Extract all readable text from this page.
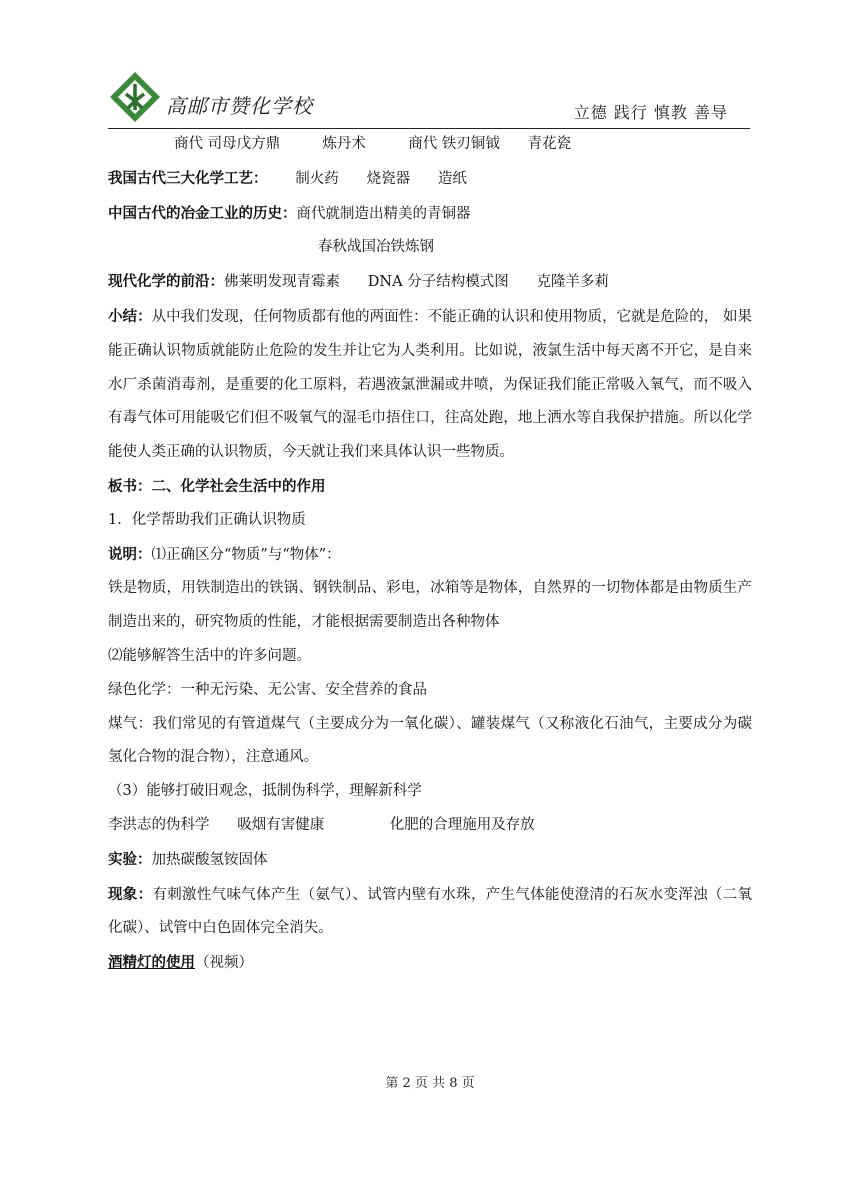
高邮市赞化学校	立德 践行 慎教 善导
商代 司母戊方鼎	炼丹术	商代 铁刃铜钺 青花瓷
我国古代三大化学工艺： 制火药 烧瓷器 造纸
中国古代的冶金工业的历史：商代就制造出精美的青铜器
春秋战国冶铁炼钢
现代化学的前沿：佛莱明发现青霉素 DNA 分子结构模式图 克隆羊多莉
小结：从中我们发现，任何物质都有他的两面性：不能正确的认识和使用物质，它就是危险的， 如果能正确认识物质就能防止危险的发生并让它为人类利用。比如说，液氯生活中每天离不开它，是自来水厂杀菌消毒剂，是重要的化工原料，若遇液氯泄漏或井喷，为保证我们能正常吸入氧气，而不吸入有毒气体可用能吸它们但不吸氧气的湿毛巾捂住口，往高处跑，地上洒水等自我保护措施。所以化学能使人类正确的认识物质，今天就让我们来具体认识一些物质。
板书：二、化学社会生活中的作用
1．化学帮助我们正确认识物质
说明：⑴正确区分“物质”与“物体”：
铁是物质，用铁制造出的铁锅、钢铁制品、彩电，冰箱等是物体，自然界的一切物体都是由物质生产制造出来的，研究物质的性能，才能根据需要制造出各种物体
⑵能够解答生活中的许多问题。
绿色化学：一种无污染、无公害、安全营养的食品
煤气：我们常见的有管道煤气（主要成分为一氧化碳）、罐装煤气（又称液化石油气，主要成分为碳氢化合物的混合物），注意通风。
（3）能够打破旧观念，抵制伪科学，理解新科学
李洪志的伪科学 吸烟有害健康	化肥的合理施用及存放
实验：加热碳酸氢铵固体
现象：有刺激性气味气体产生（氨气）、试管内壁有水珠，产生气体能使澄清的石灰水变浑浊（二氧化碳）、试管中白色固体完全消失。
酒精灯的使用（视频）
第 2 页 共 8 页
